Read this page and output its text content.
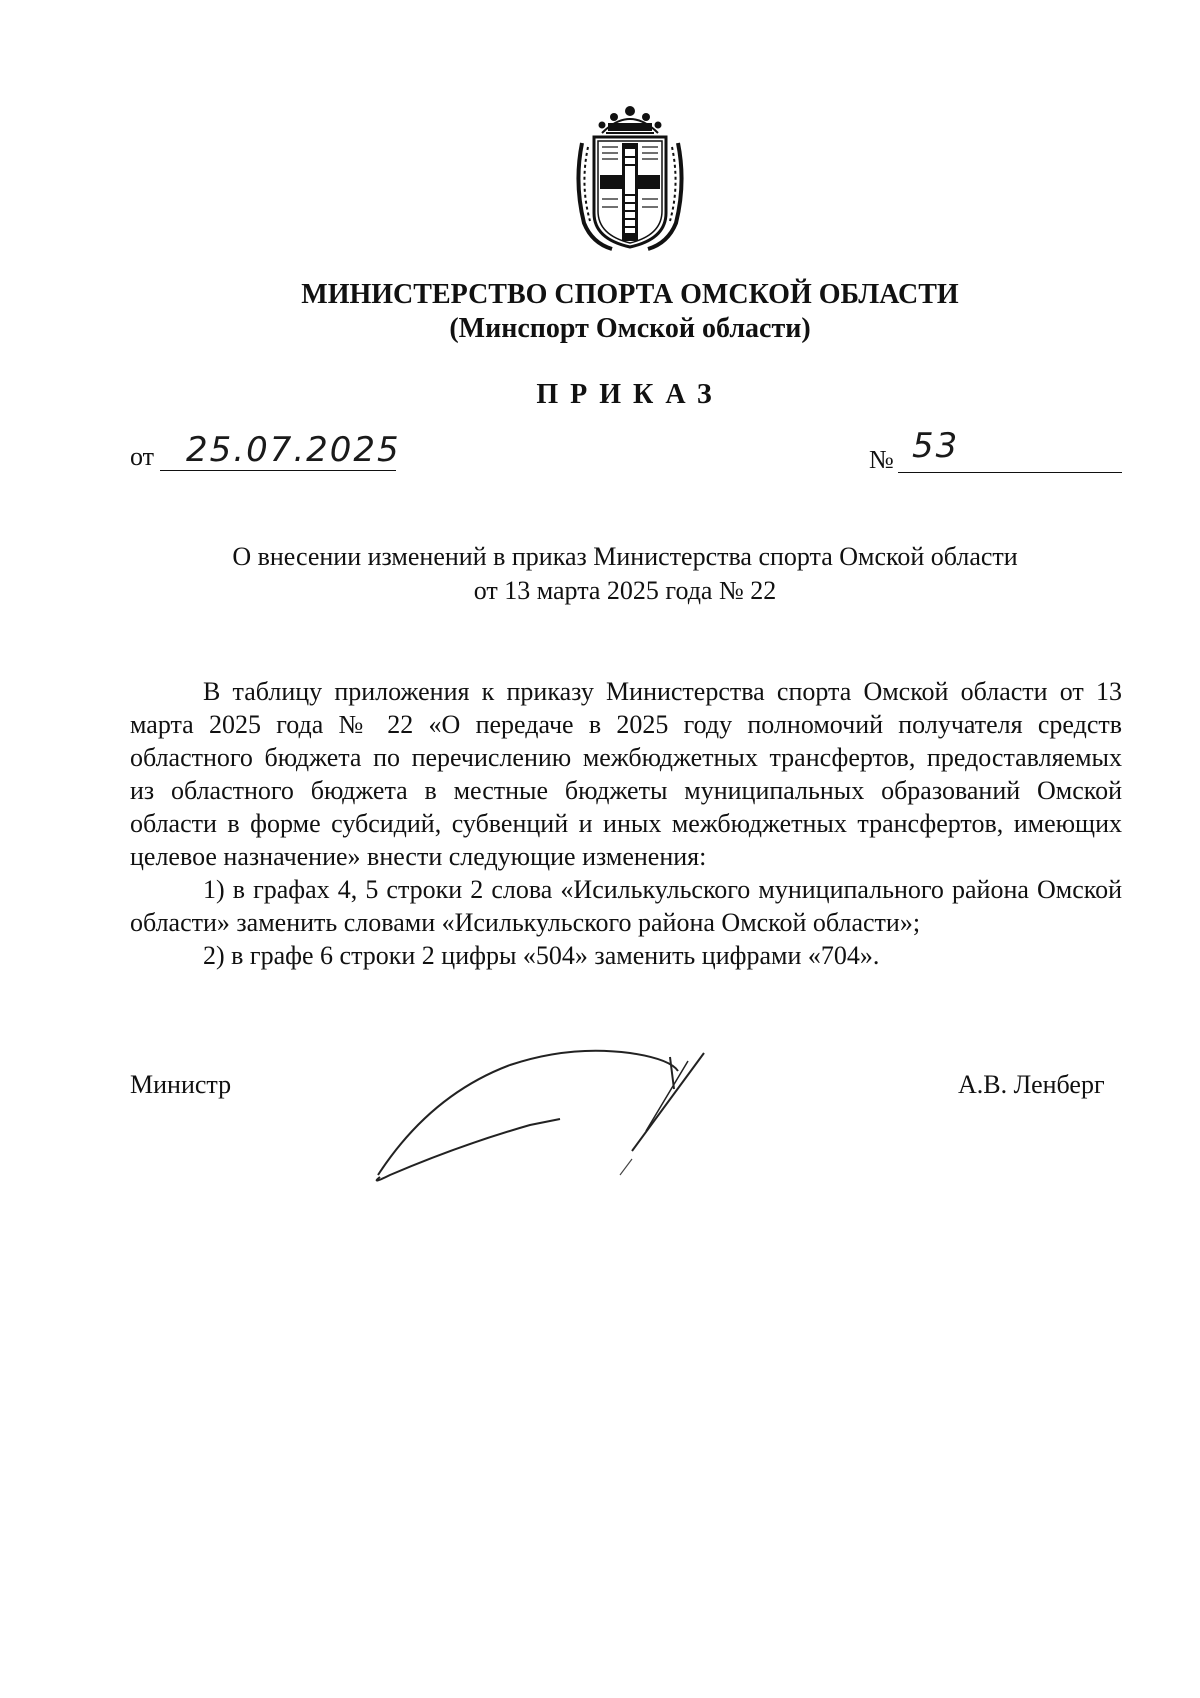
МИНИСТЕРСТВО СПОРТА ОМСКОЙ ОБЛАСТИ
(Минспорт Омской области)
ПРИКАЗ
от 25.07.2025	№ 53
О внесении изменений в приказ Министерства спорта Омской области
от 13 марта 2025 года № 22

В таблицу приложения к приказу Министерства спорта Омской области от 13 марта 2025 года № 22 «О передаче в 2025 году полномочий получателя средств областного бюджета по перечислению межбюджетных трансфертов, предоставляемых из областного бюджета в местные бюджеты муниципальных образований Омской области в форме субсидий, субвенций и иных межбюджетных трансфертов, имеющих целевое назначение» внести следующие изменения:

1) в графах 4, 5 строки 2 слова «Исилькульского муниципального района Омской области» заменить словами «Исилькульского района Омской области»;

2) в графе 6 строки 2 цифры «504» заменить цифрами «704».

Министр	А.В. Ленберг
